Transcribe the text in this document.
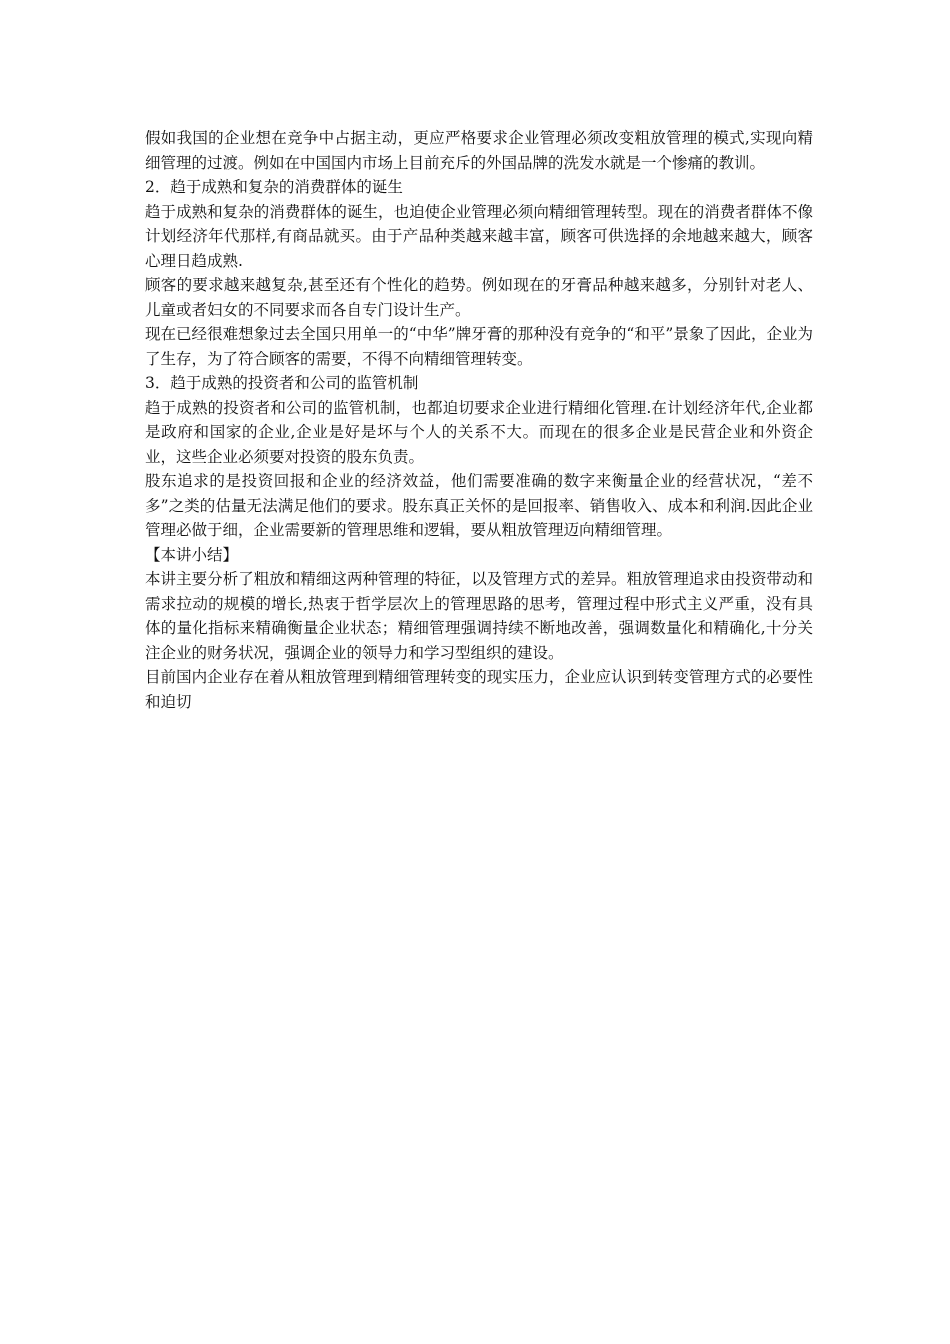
假如我国的企业想在竞争中占据主动，更应严格要求企业管理必须改变粗放管理的模式,实现向精细管理的过渡。例如在中国国内市场上目前充斥的外国品牌的洗发水就是一个惨痛的教训。

2．趋于成熟和复杂的消费群体的诞生

趋于成熟和复杂的消费群体的诞生，也迫使企业管理必须向精细管理转型。现在的消费者群体不像计划经济年代那样,有商品就买。由于产品种类越来越丰富，顾客可供选择的余地越来越大，顾客心理日趋成熟.

顾客的要求越来越复杂,甚至还有个性化的趋势。例如现在的牙膏品种越来越多，分别针对老人、儿童或者妇女的不同要求而各自专门设计生产。

现在已经很难想象过去全国只用单一的“中华”牌牙膏的那种没有竞争的“和平”景象了因此，企业为了生存，为了符合顾客的需要，不得不向精细管理转变。

3．趋于成熟的投资者和公司的监管机制

趋于成熟的投资者和公司的监管机制，也都迫切要求企业进行精细化管理.在计划经济年代,企业都是政府和国家的企业,企业是好是坏与个人的关系不大。而现在的很多企业是民营企业和外资企业，这些企业必须要对投资的股东负责。

股东追求的是投资回报和企业的经济效益，他们需要准确的数字来衡量企业的经营状况，“差不多”之类的估量无法满足他们的要求。股东真正关怀的是回报率、销售收入、成本和利润.因此企业管理必做于细，企业需要新的管理思维和逻辑，要从粗放管理迈向精细管理。

【本讲小结】

本讲主要分析了粗放和精细这两种管理的特征，以及管理方式的差异。粗放管理追求由投资带动和需求拉动的规模的增长,热衷于哲学层次上的管理思路的思考，管理过程中形式主义严重，没有具体的量化指标来精确衡量企业状态；精细管理强调持续不断地改善，强调数量化和精确化,十分关注企业的财务状况，强调企业的领导力和学习型组织的建设。

目前国内企业存在着从粗放管理到精细管理转变的现实压力，企业应认识到转变管理方式的必要性和迫切
